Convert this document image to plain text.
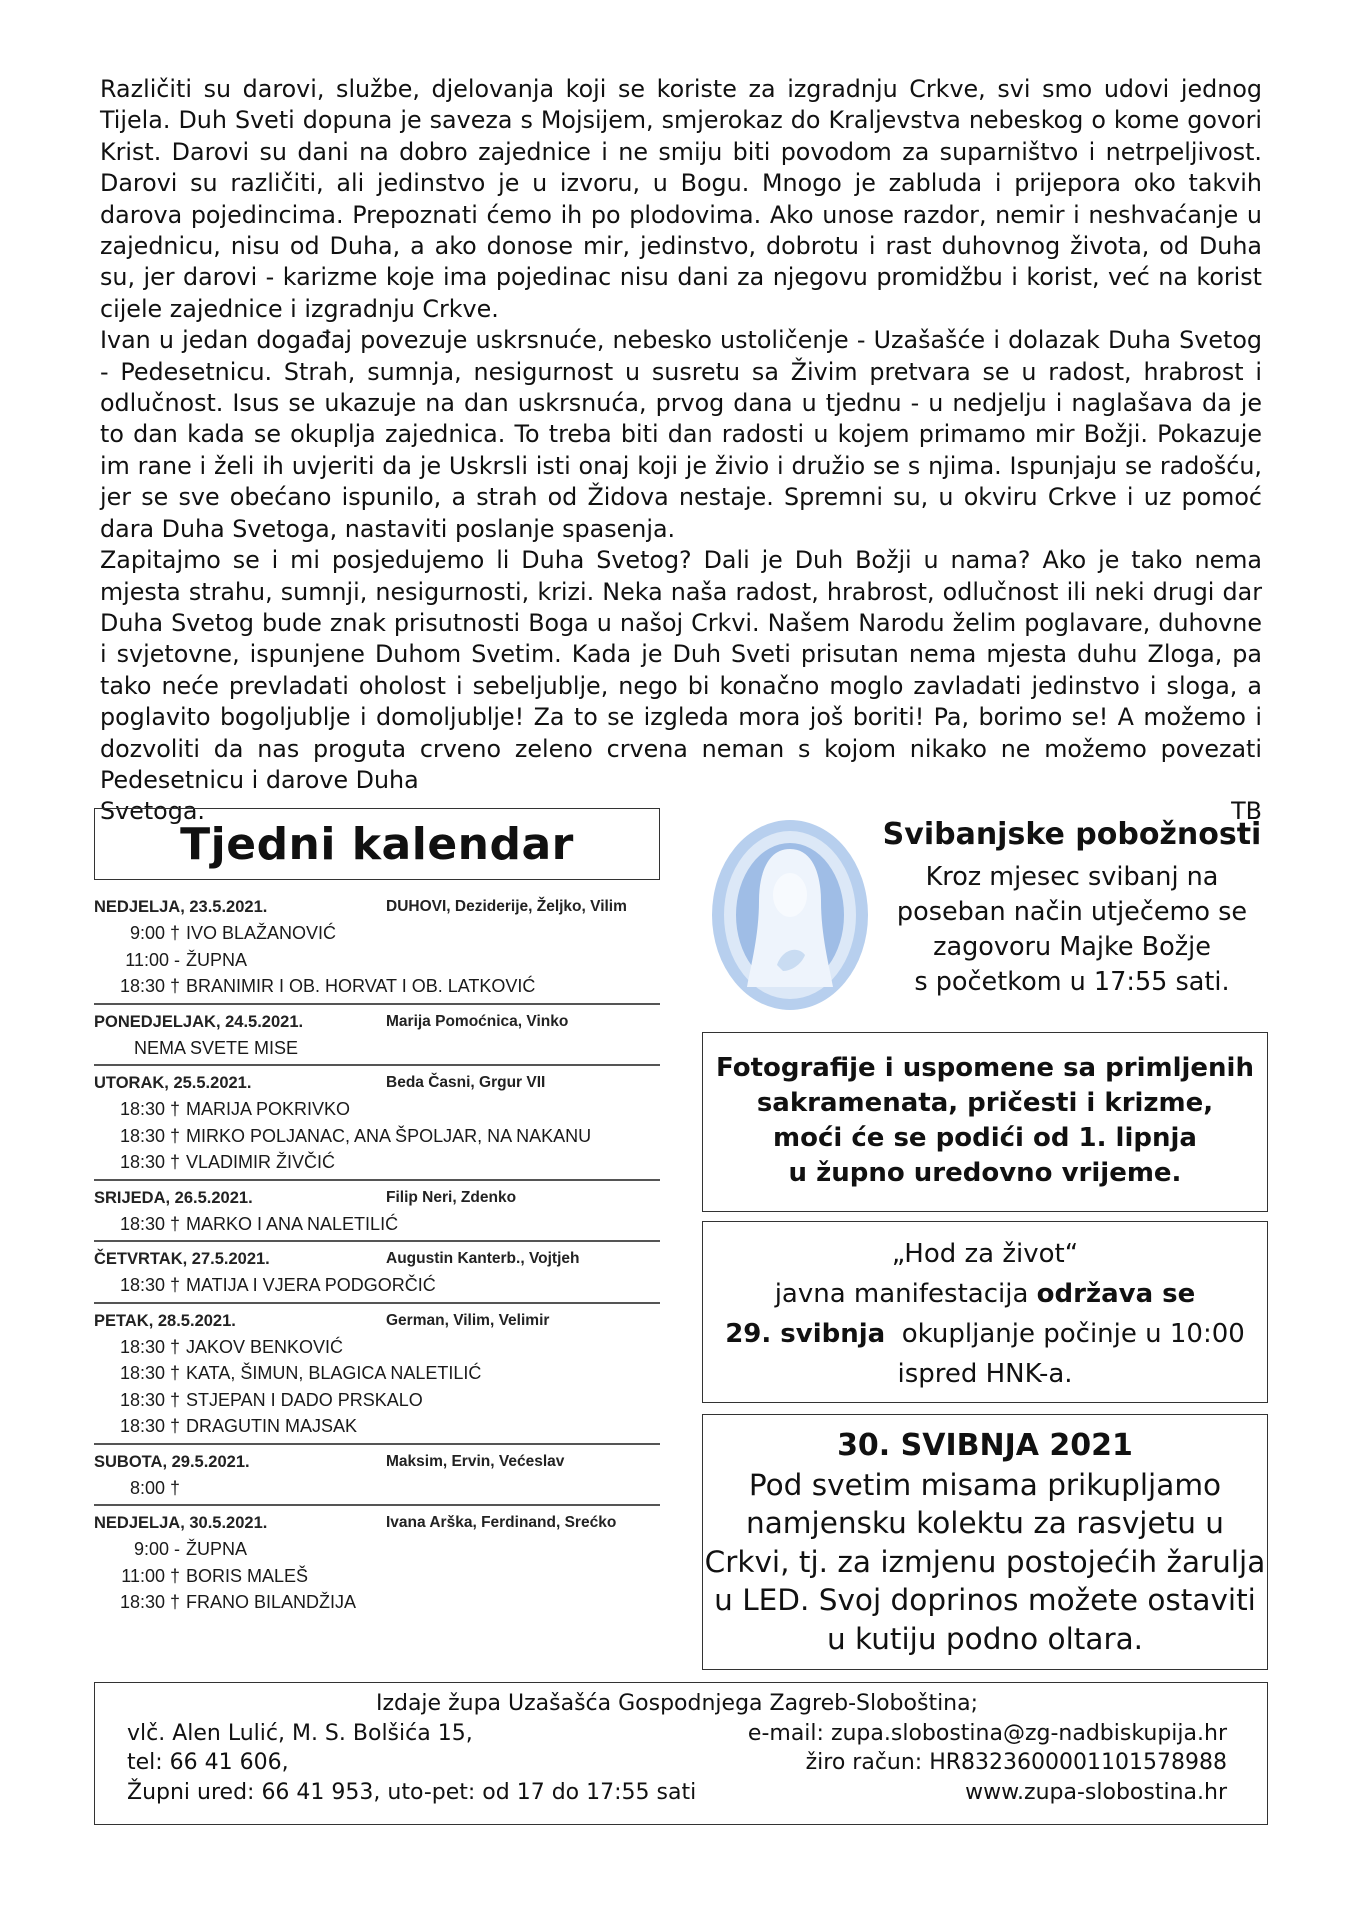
Različiti su darovi, službe, djelovanja koji se koriste za izgradnju Crkve, svi smo udovi jednog Tijela. Duh Sveti dopuna je saveza s Mojsijem, smjerokaz do Kraljevstva nebeskog o kome govori Krist. Darovi su dani na dobro zajednice i ne smiju biti povodom za suparništvo i netrpeljivost. Darovi su različiti, ali jedinstvo je u izvoru, u Bogu. Mnogo je zabluda i prijepora oko takvih darova pojedincima. Prepoznati ćemo ih po plodovima. Ako unose razdor, nemir i neshvaćanje u zajednicu, nisu od Duha, a ako donose mir, jedinstvo, dobrotu i rast duhovnog života, od Duha su, jer darovi - karizme koje ima pojedinac nisu dani za njegovu promidžbu i korist, već na korist cijele zajednice i izgradnju Crkve.

Ivan u jedan događaj povezuje uskrsnuće, nebesko ustoličenje - Uzašašće i dolazak Duha Svetog - Pedesetnicu. Strah, sumnja, nesigurnost u susretu sa Živim pretvara se u radost, hrabrost i odlučnost. Isus se ukazuje na dan uskrsnuća, prvog dana u tjednu - u nedjelju i naglašava da je to dan kada se okuplja zajednica. To treba biti dan radosti u kojem primamo mir Božji. Pokazuje im rane i želi ih uvjeriti da je Uskrsli isti onaj koji je živio i družio se s njima. Ispunjaju se radošću, jer se sve obećano ispunilo, a strah od Židova nestaje. Spremni su, u okviru Crkve i uz pomoć dara Duha Svetoga, nastaviti poslanje spasenja.

Zapitajmo se i mi posjedujemo li Duha Svetog? Dali je Duh Božji u nama? Ako je tako nema mjesta strahu, sumnji, nesigurnosti, krizi. Neka naša radost, hrabrost, odlučnost ili neki drugi dar Duha Svetog bude znak prisutnosti Boga u našoj Crkvi. Našem Narodu želim poglavare, duhovne i svjetovne, ispunjene Duhom Svetim. Kada je Duh Sveti prisutan nema mjesta duhu Zloga, pa tako neće prevladati oholost i sebeljublje, nego bi konačno moglo zavladati jedinstvo i sloga, a poglavito bogoljublje i domoljublje! Za to se izgleda mora još boriti! Pa, borimo se! A možemo i dozvoliti da nas proguta crveno zeleno crvena neman s kojom nikako ne možemo povezati Pedesetnicu i darove Duha

Svetoga.	TB

Tjedni kalendar
NEDJELJA, 23.5.2021.	DUHOVI, Deziderije, Željko, Vilim
9:00 † IVO BLAŽANOVIĆ
11:00 - ŽUPNA
18:30 † BRANIMIR I OB. HORVAT I OB. LATKOVIĆ
PONEDJELJAK, 24.5.2021.	Marija Pomoćnica, Vinko
NEMA SVETE MISE
UTORAK, 25.5.2021.	Beda Časni, Grgur VII
18:30 † MARIJA POKRIVKO
18:30 † MIRKO POLJANAC, ANA ŠPOLJAR, NA NAKANU
18:30 † VLADIMIR ŽIVČIĆ
SRIJEDA, 26.5.2021.	Filip Neri, Zdenko
18:30 † MARKO I ANA NALETILIĆ
ČETVRTAK, 27.5.2021.	Augustin Kanterb., Vojtjeh
18:30 † MATIJA I VJERA PODGORČIĆ
PETAK, 28.5.2021.	German, Vilim, Velimir
18:30 † JAKOV BENKOVIĆ
18:30 † KATA, ŠIMUN, BLAGICA NALETILIĆ
18:30 † STJEPAN I DADO PRSKALO
18:30 † DRAGUTIN MAJSAK
SUBOTA, 29.5.2021.	Maksim, Ervin, Većeslav
8:00 †
NEDJELJA, 30.5.2021.	Ivana Arška, Ferdinand, Srećko
9:00 - ŽUPNA
11:00 † BORIS MALEŠ
18:30 † FRANO BILANDŽIJA
Svibanjske pobožnosti
Kroz mjesec svibanj na
poseban način utječemo se
zagovoru Majke Božje
s početkom u 17:55 sati.
Fotografije i uspomene sa primljenih
sakramenata, pričesti i krizme,
moći će se podići od 1. lipnja
u župno uredovno vrijeme.
„Hod za život“
javna manifestacija održava se
29. svibnja  okupljanje počinje u 10:00
ispred HNK-a.
30. SVIBNJA 2021
Pod svetim misama prikupljamo
namjensku kolektu za rasvjetu u
Crkvi, tj. za izmjenu postojećih žarulja
u LED. Svoj doprinos možete ostaviti
u kutiju podno oltara.
Izdaje župa Uzašašća Gospodnjega Zagreb-Sloboština;
vlč. Alen Lulić, M. S. Bolšića 15,	e-mail: zupa.slobostina@zg-nadbiskupija.hr
tel: 66 41 606,	žiro račun: HR8323600001101578988
Župni ured: 66 41 953, uto-pet: od 17 do 17:55 sati	www.zupa-slobostina.hr
